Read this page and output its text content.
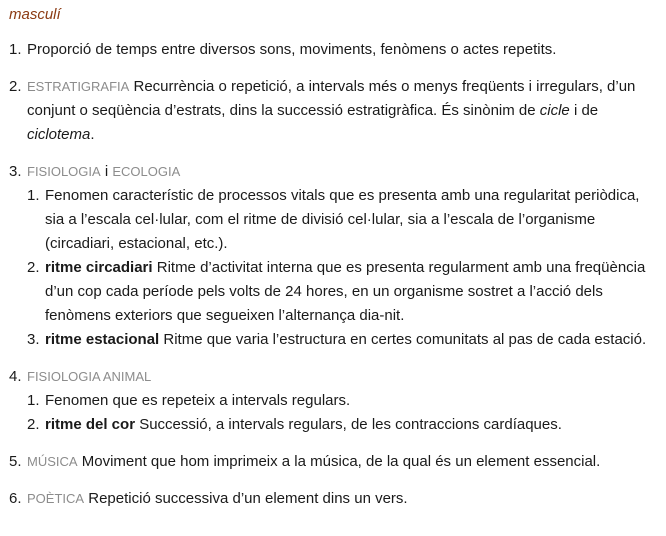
masculí
1. Proporció de temps entre diversos sons, moviments, fenòmens o actes repetits.
2. ESTRATIGRAFIA Recurrència o repetició, a intervals més o menys freqüents i irregulars, d’un conjunt o seqüència d’estrats, dins la successió estratigràfica. És sinònim de cicle i de ciclotema.
3. FISIOLOGIA i ECOLOGIA
1. Fenomen característic de processos vitals que es presenta amb una regularitat periòdica, sia a l’escala cel·lular, com el ritme de divisió cel·lular, sia a l’escala de l’organisme (circadiari, estacional, etc.).
2. ritme circadiari Ritme d’activitat interna que es presenta regularment amb una freqüència d’un cop cada període pels volts de 24 hores, en un organisme sostret a l’acció dels fenòmens exteriors que segueixen l’alternança dia-nit.
3. ritme estacional Ritme que varia l’estructura en certes comunitats al pas de cada estació.
4. FISIOLOGIA ANIMAL
1. Fenomen que es repeteix a intervals regulars.
2. ritme del cor Successió, a intervals regulars, de les contraccions cardíaques.
5. MÚSICA Moviment que hom imprimeix a la música, de la qual és un element essencial.
6. POÈTICA Repetició successiva d’un element dins un vers.
